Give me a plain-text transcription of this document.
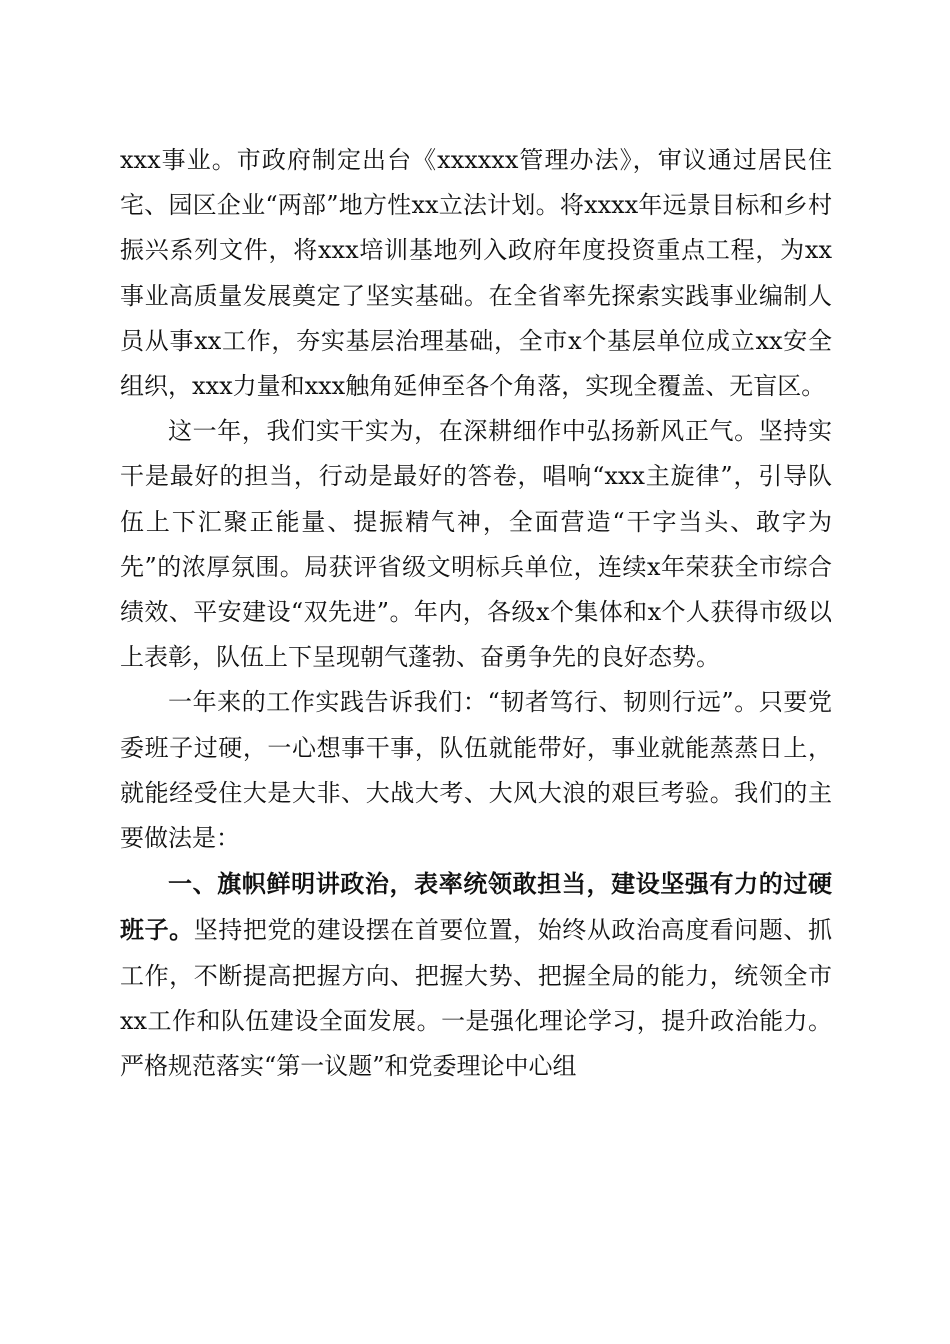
xxx事业。市政府制定出台《xxxxxx管理办法》，审议通过居民住宅、园区企业“两部”地方性xx立法计划。将xxxx年远景目标和乡村振兴系列文件，将xxx培训基地列入政府年度投资重点工程，为xx事业高质量发展奠定了坚实基础。在全省率先探索实践事业编制人员从事xx工作，夯实基层治理基础，全市x个基层单位成立xx安全组织，xxx力量和xxx触角延伸至各个角落，实现全覆盖、无盲区。

这一年，我们实干实为，在深耕细作中弘扬新风正气。坚持实干是最好的担当，行动是最好的答卷，唱响“xxx主旋律”，引导队伍上下汇聚正能量、提振精气神，全面营造“干字当头、敢字为先”的浓厚氛围。局获评省级文明标兵单位，连续x年荣获全市综合绩效、平安建设“双先进”。年内，各级x个集体和x个人获得市级以上表彰，队伍上下呈现朝气蓬勃、奋勇争先的良好态势。

一年来的工作实践告诉我们：“韧者笃行、韧则行远”。只要党委班子过硬，一心想事干事，队伍就能带好，事业就能蒸蒸日上，就能经受住大是大非、大战大考、大风大浪的艰巨考验。我们的主要做法是：

一、旗帜鲜明讲政治，表率统领敢担当，建设坚强有力的过硬班子。坚持把党的建设摆在首要位置，始终从政治高度看问题、抓工作，不断提高把握方向、把握大势、把握全局的能力，统领全市xx工作和队伍建设全面发展。一是强化理论学习，提升政治能力。严格规范落实“第一议题”和党委理论中心组
